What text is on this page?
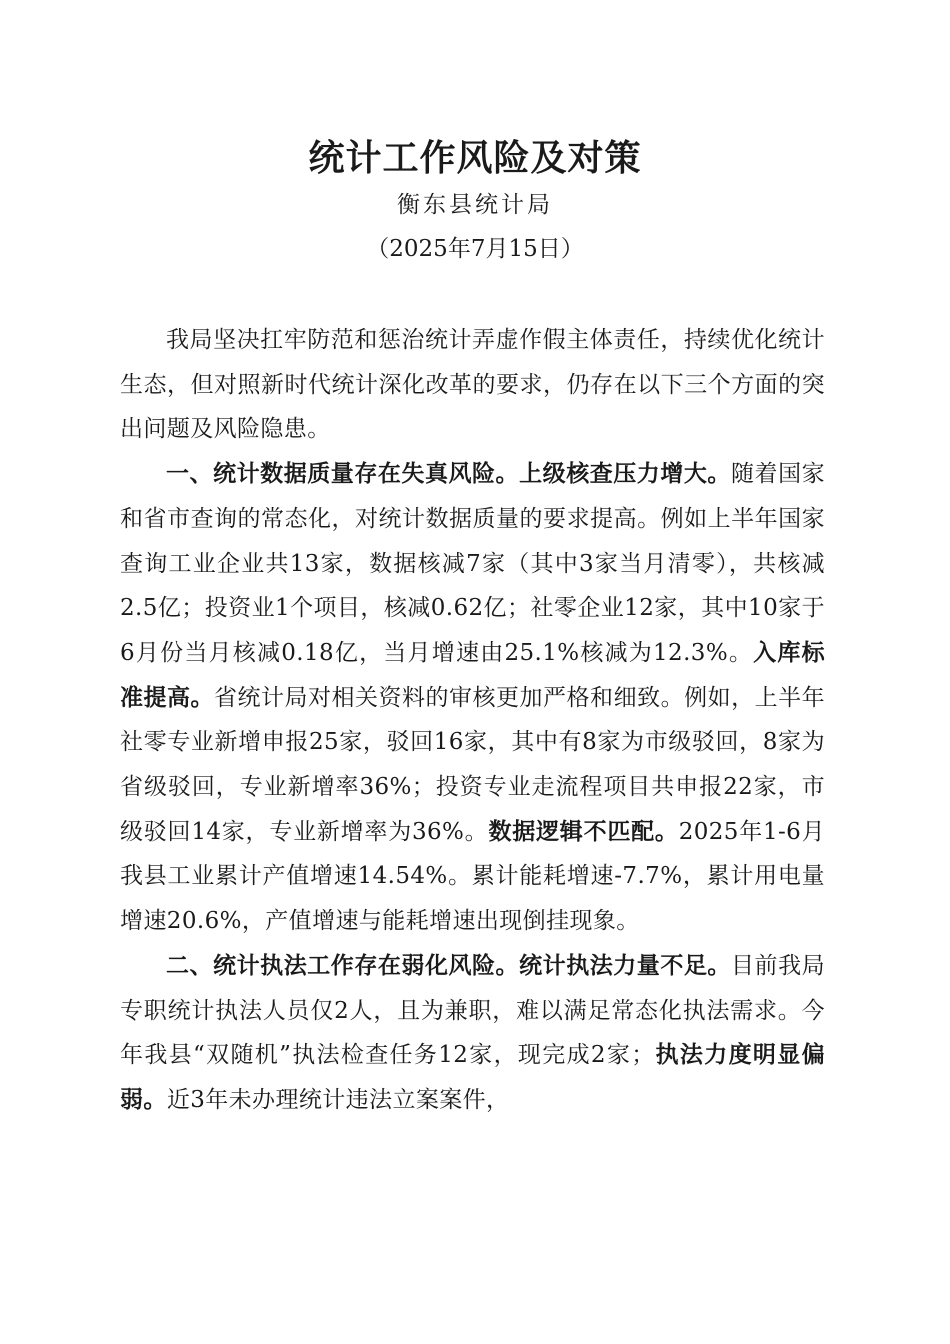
统计工作风险及对策
衡东县统计局
（2025年7月15日）

我局坚决扛牢防范和惩治统计弄虚作假主体责任，持续优化统计生态，但对照新时代统计深化改革的要求，仍存在以下三个方面的突出问题及风险隐患。

一、统计数据质量存在失真风险。上级核查压力增大。随着国家和省市查询的常态化，对统计数据质量的要求提高。例如上半年国家查询工业企业共13家，数据核减7家（其中3家当月清零），共核减2.5亿；投资业1个项目，核减0.62亿；社零企业12家，其中10家于6月份当月核减0.18亿，当月增速由25.1%核减为12.3%。入库标准提高。省统计局对相关资料的审核更加严格和细致。例如，上半年社零专业新增申报25家，驳回16家，其中有8家为市级驳回，8家为省级驳回，专业新增率36%；投资专业走流程项目共申报22家，市级驳回14家，专业新增率为36%。数据逻辑不匹配。2025年1-6月我县工业累计产值增速14.54%。累计能耗增速-7.7%，累计用电量增速20.6%，产值增速与能耗增速出现倒挂现象。

二、统计执法工作存在弱化风险。统计执法力量不足。目前我局专职统计执法人员仅2人，且为兼职，难以满足常态化执法需求。今年我县“双随机”执法检查任务12家，现完成2家；执法力度明显偏弱。近3年未办理统计违法立案案件，
